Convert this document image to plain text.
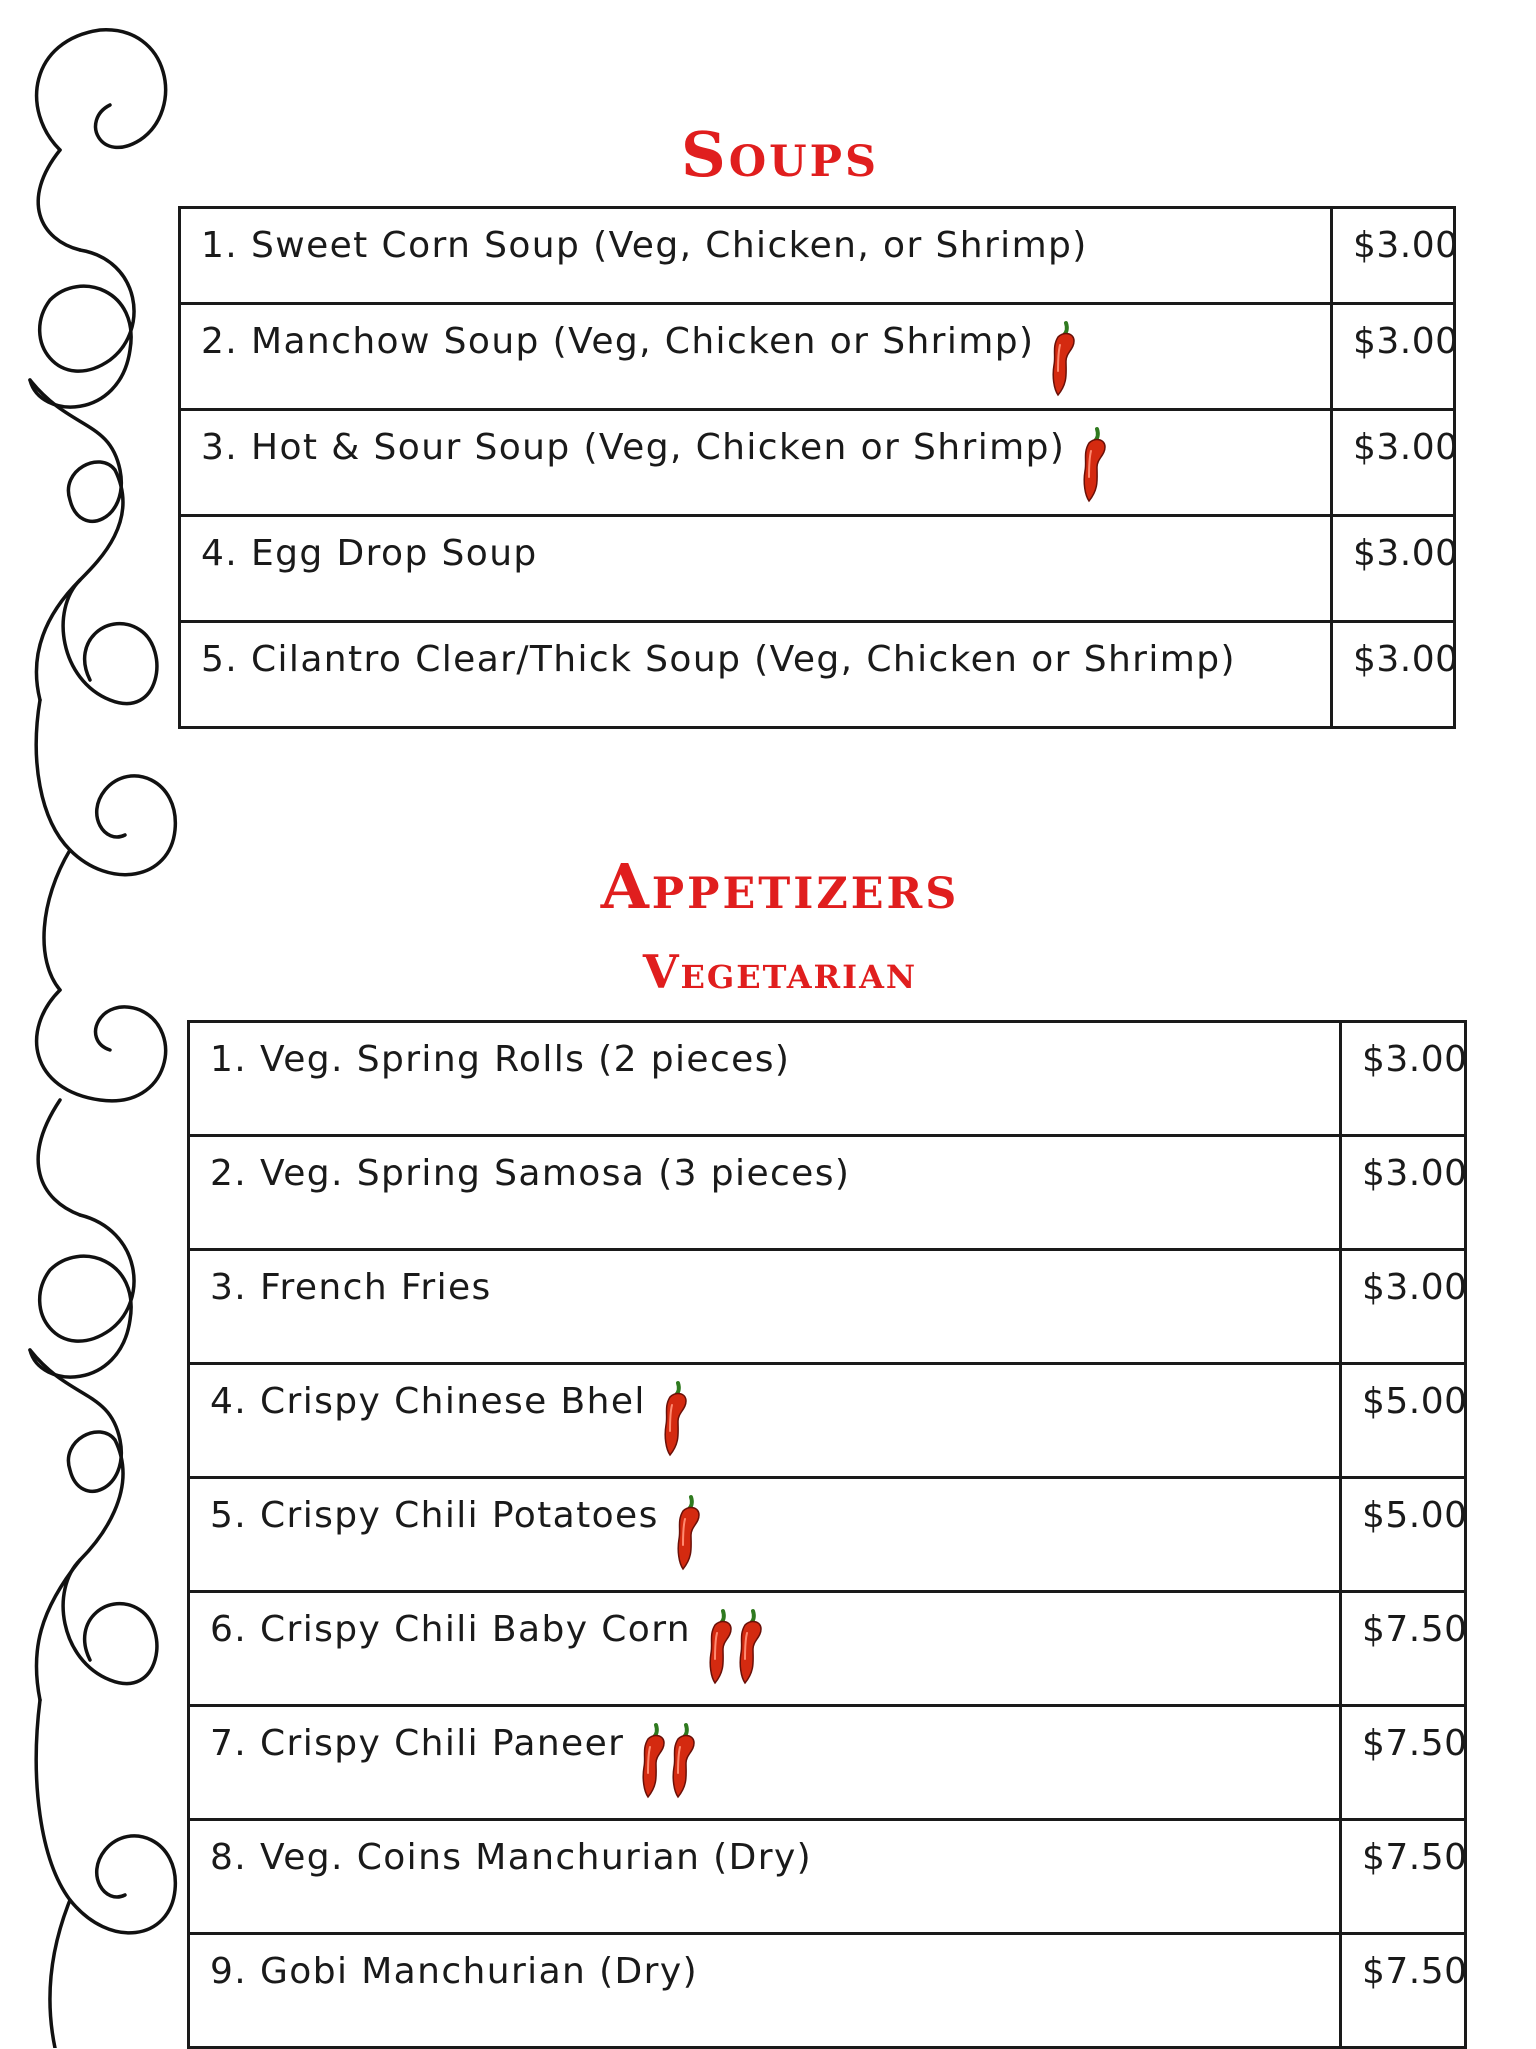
Soups
1. Sweet Corn Soup (Veg, Chicken, or Shrimp)	$3.00
2. Manchow Soup (Veg, Chicken or Shrimp)	$3.00
3. Hot & Sour Soup (Veg, Chicken or Shrimp)	$3.00
4. Egg Drop Soup	$3.00
5. Cilantro Clear/Thick Soup (Veg, Chicken or Shrimp)	$3.00
Appetizers
Vegetarian
1. Veg. Spring Rolls (2 pieces)	$3.00
2. Veg. Spring Samosa (3 pieces)	$3.00
3. French Fries	$3.00
4. Crispy Chinese Bhel	$5.00
5. Crispy Chili Potatoes	$5.00
6. Crispy Chili Baby Corn	$7.50
7. Crispy Chili Paneer	$7.50
8. Veg. Coins Manchurian (Dry)	$7.50
9. Gobi Manchurian (Dry)	$7.50
